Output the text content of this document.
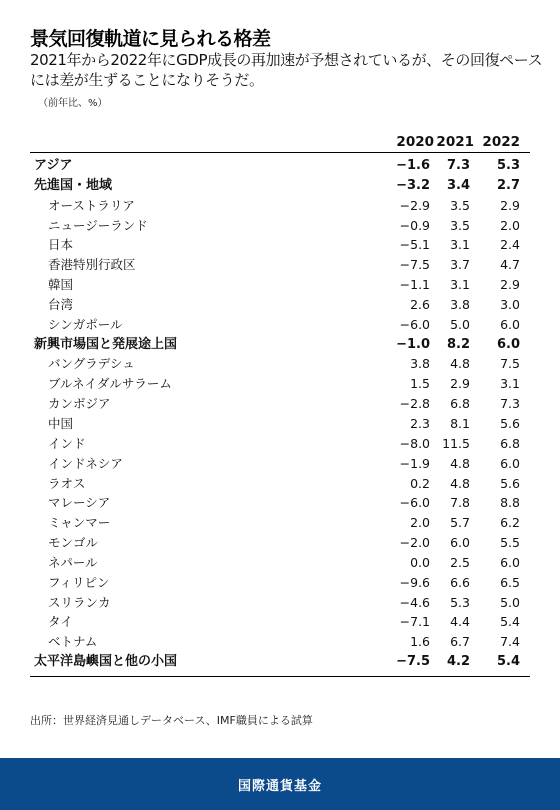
景気回復軌道に見られる格差
2021年から2022年にGDP成長の再加速が予想されているが、その回復ペースには差が生ずることになりそうだ。
（前年比、%）
2020 2021 2022
アジア	−1.6	7.3	5.3
先進国・地域	−3.2	3.4	2.7
オーストラリア	−2.9	3.5	2.9
ニュージーランド	−0.9	3.5	2.0
日本	−5.1	3.1	2.4
香港特別行政区	−7.5	3.7	4.7
韓国	−1.1	3.1	2.9
台湾	2.6	3.8	3.0
シンガポール	−6.0	5.0	6.0
新興市場国と発展途上国	−1.0	8.2	6.0
バングラデシュ	3.8	4.8	7.5
ブルネイダルサラーム	1.5	2.9	3.1
カンボジア	−2.8	6.8	7.3
中国	2.3	8.1	5.6
インド	−8.0 11.5	6.8
インドネシア	−1.9	4.8	6.0
ラオス	0.2	4.8	5.6
マレーシア	−6.0	7.8	8.8
ミャンマー	2.0	5.7	6.2
モンゴル	−2.0	6.0	5.5
ネパール	0.0	2.5	6.0
フィリピン	−9.6	6.6	6.5
スリランカ	−4.6	5.3	5.0
タイ	−7.1	4.4	5.4
ベトナム	1.6	6.7	7.4
太平洋島嶼国と他の小国	−7.5	4.2	5.4
出所：世界経済見通しデータベース、IMF職員による試算
国際通貨基金
